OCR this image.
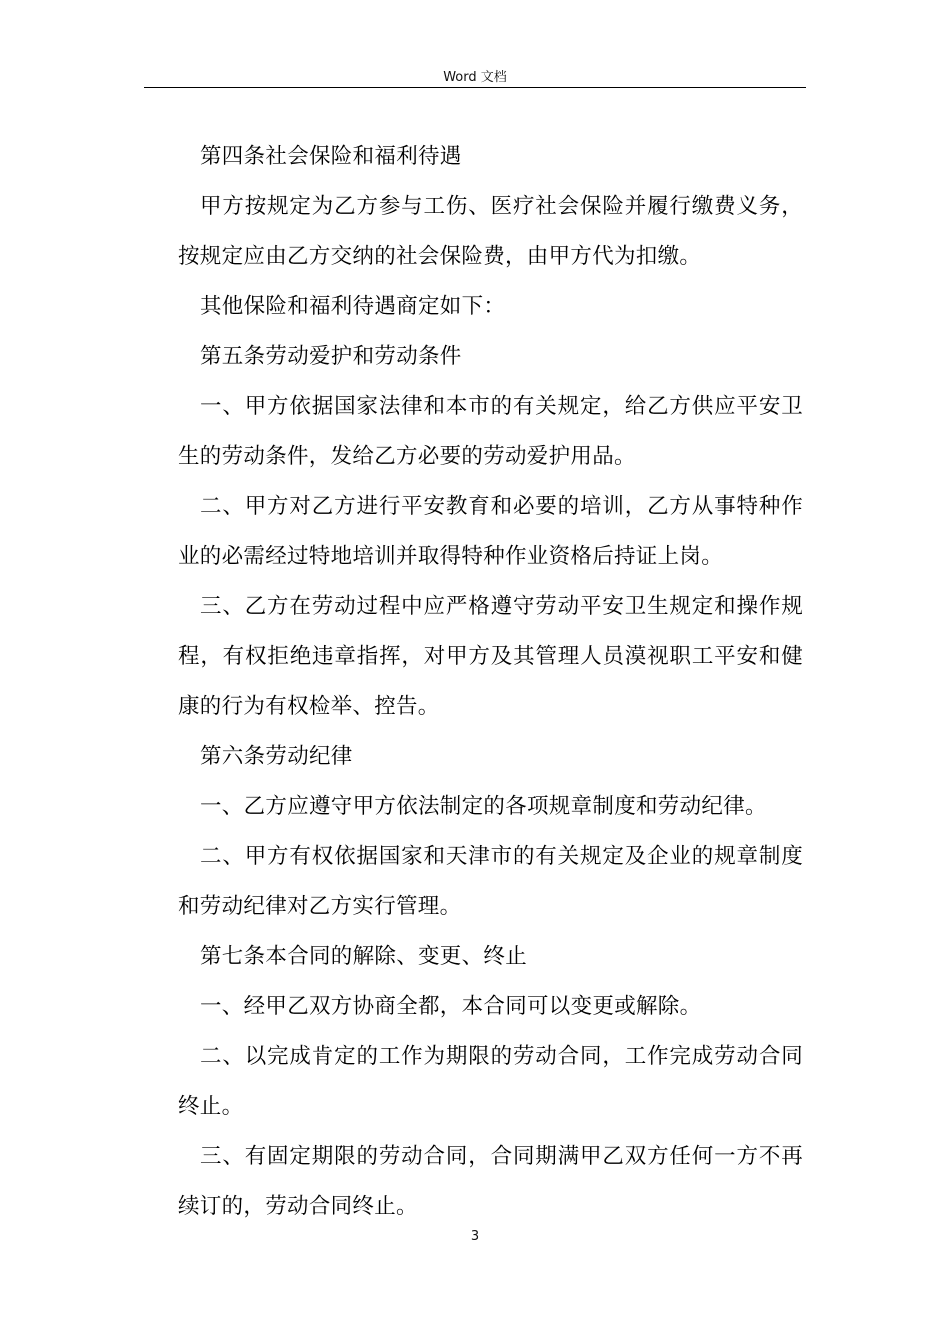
Word 文档

第四条社会保险和福利待遇

甲方按规定为乙方参与工伤、医疗社会保险并履行缴费义务，按规定应由乙方交纳的社会保险费，由甲方代为扣缴。

其他保险和福利待遇商定如下：

第五条劳动爱护和劳动条件

一、甲方依据国家法律和本市的有关规定，给乙方供应平安卫生的劳动条件，发给乙方必要的劳动爱护用品。

二、甲方对乙方进行平安教育和必要的培训，乙方从事特种作业的必需经过特地培训并取得特种作业资格后持证上岗。

三、乙方在劳动过程中应严格遵守劳动平安卫生规定和操作规程，有权拒绝违章指挥，对甲方及其管理人员漠视职工平安和健康的行为有权检举、控告。

第六条劳动纪律

一、乙方应遵守甲方依法制定的各项规章制度和劳动纪律。

二、甲方有权依据国家和天津市的有关规定及企业的规章制度和劳动纪律对乙方实行管理。

第七条本合同的解除、变更、终止

一、经甲乙双方协商全都，本合同可以变更或解除。

二、以完成肯定的工作为期限的劳动合同，工作完成劳动合同终止。

三、有固定期限的劳动合同，合同期满甲乙双方任何一方不再续订的，劳动合同终止。

3
